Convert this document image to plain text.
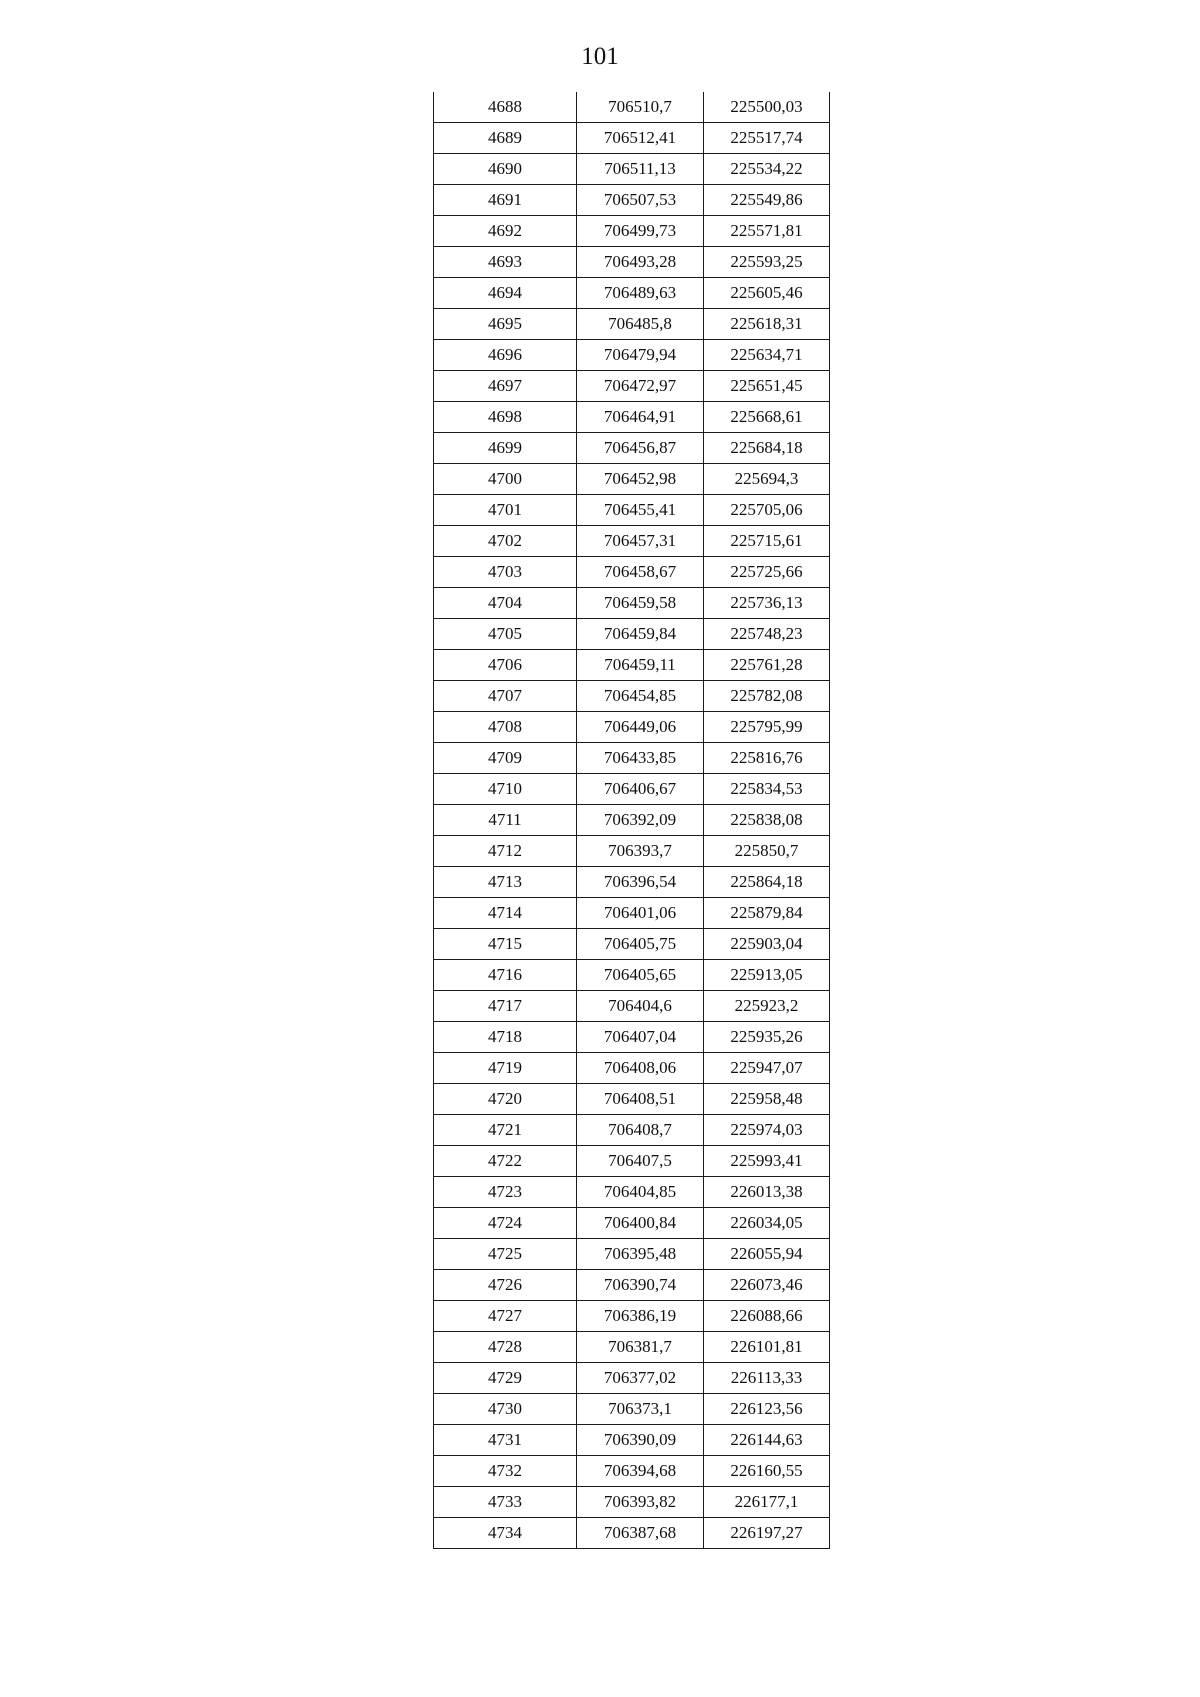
101
4688	706510,7	225500,03
4689	706512,41	225517,74
4690	706511,13	225534,22
4691	706507,53	225549,86
4692	706499,73	225571,81
4693	706493,28	225593,25
4694	706489,63	225605,46
4695	706485,8	225618,31
4696	706479,94	225634,71
4697	706472,97	225651,45
4698	706464,91	225668,61
4699	706456,87	225684,18
4700	706452,98	225694,3
4701	706455,41	225705,06
4702	706457,31	225715,61
4703	706458,67	225725,66
4704	706459,58	225736,13
4705	706459,84	225748,23
4706	706459,11	225761,28
4707	706454,85	225782,08
4708	706449,06	225795,99
4709	706433,85	225816,76
4710	706406,67	225834,53
4711	706392,09	225838,08
4712	706393,7	225850,7
4713	706396,54	225864,18
4714	706401,06	225879,84
4715	706405,75	225903,04
4716	706405,65	225913,05
4717	706404,6	225923,2
4718	706407,04	225935,26
4719	706408,06	225947,07
4720	706408,51	225958,48
4721	706408,7	225974,03
4722	706407,5	225993,41
4723	706404,85	226013,38
4724	706400,84	226034,05
4725	706395,48	226055,94
4726	706390,74	226073,46
4727	706386,19	226088,66
4728	706381,7	226101,81
4729	706377,02	226113,33
4730	706373,1	226123,56
4731	706390,09	226144,63
4732	706394,68	226160,55
4733	706393,82	226177,1
4734	706387,68	226197,27
